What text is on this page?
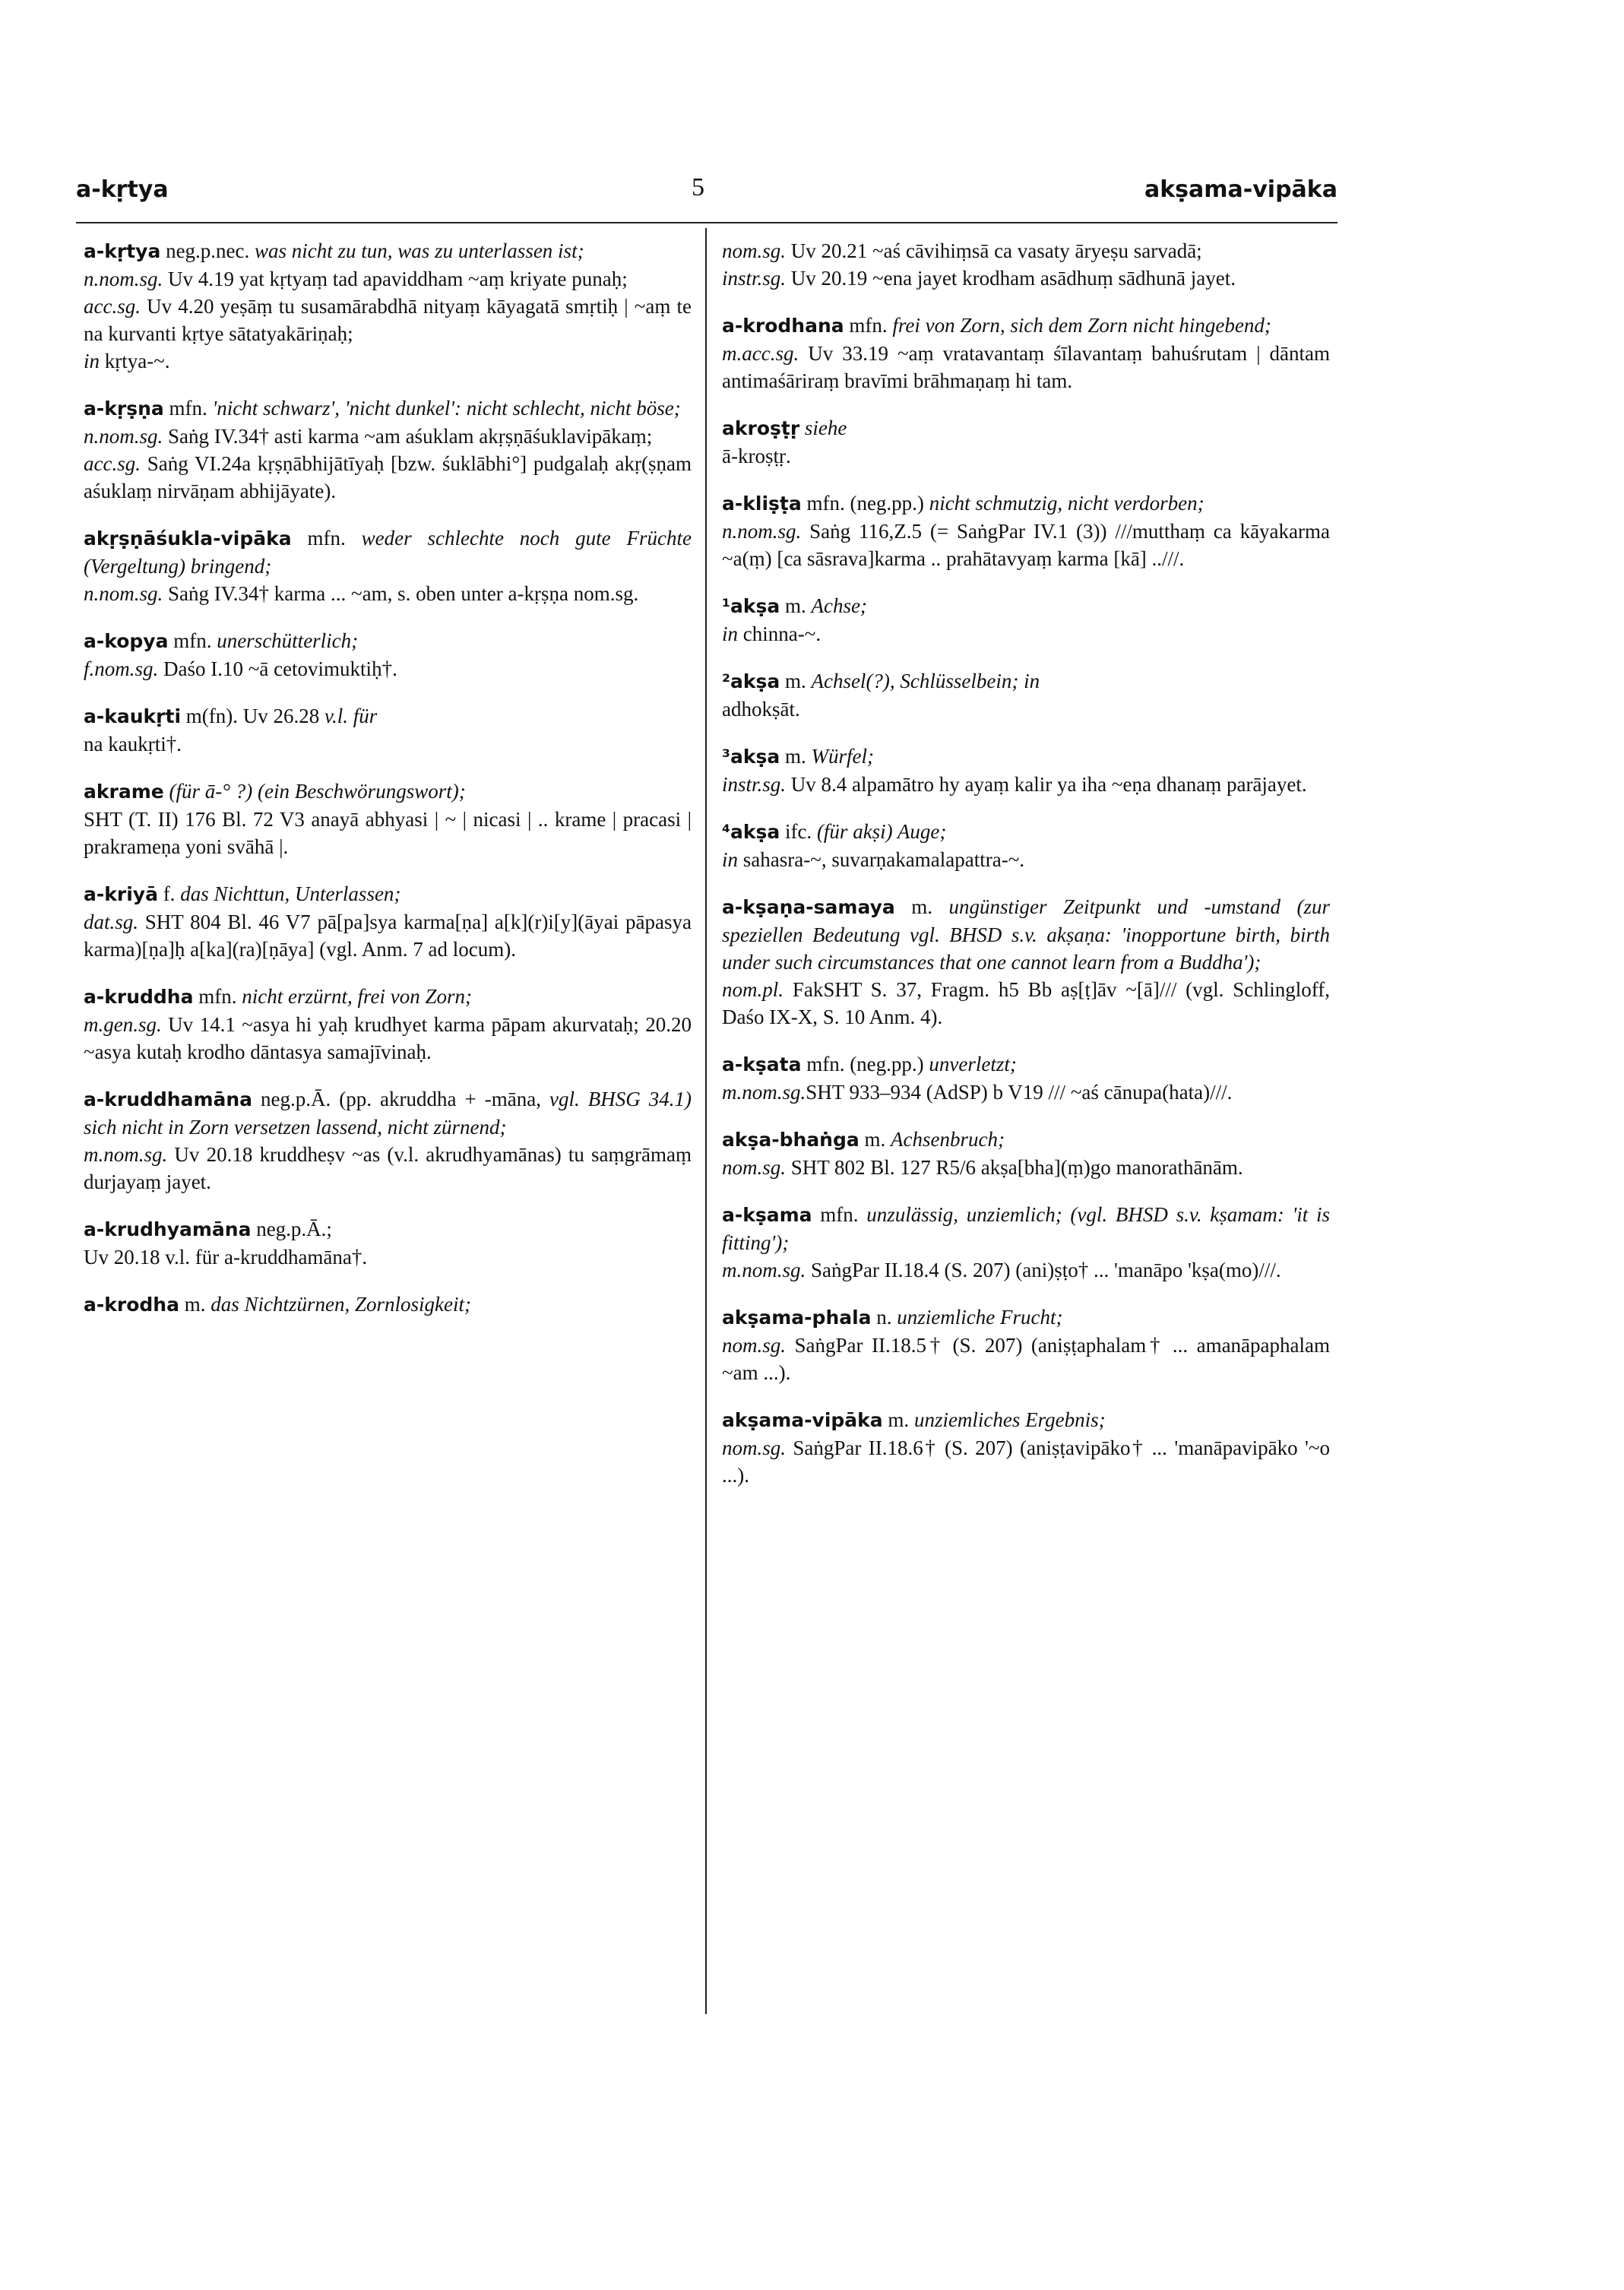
a-kṛtya	5	akṣama-vipāka
a-kṛtya neg.p.nec. was nicht zu tun, was zu unterlassen ist;
n.nom.sg. Uv 4.19 yat kṛtyaṃ tad apaviddham ~aṃ kriyate punaḥ;
acc.sg. Uv 4.20 yeṣāṃ tu susamārabdhā nityaṃ kāyagatā smṛtiḥ | ~aṃ te na kurvanti kṛtye sātatyakāriṇaḥ;
in kṛtya-~.
a-kṛṣṇa mfn. 'nicht schwarz', 'nicht dunkel': nicht schlecht, nicht böse;
n.nom.sg. Saṅg IV.34† asti karma ~am aśuklam akṛṣṇāśuklavipākaṃ;
acc.sg. Saṅg VI.24a kṛṣṇābhijātīyaḥ [bzw. śuklābhi°] pudgalaḥ akṛ(ṣṇam aśuklaṃ nirvāṇam abhijāyate).
akṛṣṇāśukla-vipāka mfn. weder schlechte noch gute Früchte (Vergeltung) bringend;
n.nom.sg. Saṅg IV.34† karma ... ~am, s. oben unter a-kṛṣṇa nom.sg.
a-kopya mfn. unerschütterlich;
f.nom.sg. Daśo I.10 ~ā cetovimuktiḥ†.
a-kaukṛti m(fn). Uv 26.28 v.l. für
na kaukṛti†.
akrame (für ā-° ?) (ein Beschwörungswort);
SHT (T. II) 176 Bl. 72 V3 anayā abhyasi | ~ | nicasi | .. krame | pracasi | prakrameṇa yoni svāhā |.
a-kriyā f. das Nichttun, Unterlassen;
dat.sg. SHT 804 Bl. 46 V7 pā[pa]sya karma[ṇa] a[k](r)i[y](āyai pāpasya karma)[ṇa]ḥ a[ka](ra)[ṇāya] (vgl. Anm. 7 ad locum).
a-kruddha mfn. nicht erzürnt, frei von Zorn;
m.gen.sg. Uv 14.1 ~asya hi yaḥ krudhyet karma pāpam akurvataḥ; 20.20 ~asya kutaḥ krodho dāntasya samajīvinaḥ.
a-kruddhamāna neg.p.Ā. (pp. akruddha + -māna, vgl. BHSG 34.1) sich nicht in Zorn versetzen lassend, nicht zürnend;
m.nom.sg. Uv 20.18 kruddheṣv ~as (v.l. akrudhyamānas) tu saṃgrāmaṃ durjayaṃ jayet.
a-krudhyamāna neg.p.Ā.;
Uv 20.18 v.l. für a-kruddhamāna†.
a-krodha m. das Nichtzürnen, Zornlosigkeit;
nom.sg. Uv 20.21 ~aś cāvihiṃsā ca vasaty āryeṣu sarvadā;
instr.sg. Uv 20.19 ~ena jayet krodham asādhuṃ sādhunā jayet.
a-krodhana mfn. frei von Zorn, sich dem Zorn nicht hingebend;
m.acc.sg. Uv 33.19 ~aṃ vratavantaṃ śīlavantaṃ bahuśrutam | dāntam antimaśāriraṃ bravīmi brāhmaṇaṃ hi tam.
akroṣṭṛ siehe
ā-kroṣṭṛ.
a-kliṣṭa mfn. (neg.pp.) nicht schmutzig, nicht verdorben;
n.nom.sg. Saṅg 116,Z.5 (= SaṅgPar IV.1 (3)) ///mutthaṃ ca kāyakarma ~a(ṃ) [ca sāsrava]karma .. prahātavyaṃ karma [kā] ..///.
¹akṣa m. Achse;
in chinna-~.
²akṣa m. Achsel(?), Schlüsselbein; in
adhokṣāt.
³akṣa m. Würfel;
instr.sg. Uv 8.4 alpamātro hy ayaṃ kalir ya iha ~eṇa dhanaṃ parājayet.
⁴akṣa ifc. (für akṣi) Auge;
in sahasra-~, suvarṇakamalapattra-~.
a-kṣaṇa-samaya m. ungünstiger Zeitpunkt und -umstand (zur speziellen Bedeutung vgl. BHSD s.v. akṣaṇa: 'inopportune birth, birth under such circumstances that one cannot learn from a Buddha');
nom.pl. FakSHT S. 37, Fragm. h5 Bb aṣ[ṭ]āv ~[ā]/// (vgl. Schlingloff, Daśo IX-X, S. 10 Anm. 4).
a-kṣata mfn. (neg.pp.) unverletzt;
m.nom.sg.SHT 933–934 (AdSP) b V19 /// ~aś cānupa(hata)///.
akṣa-bhaṅga m. Achsenbruch;
nom.sg. SHT 802 Bl. 127 R5/6 akṣa[bha](ṃ)go manorathānām.
a-kṣama mfn. unzulässig, unziemlich; (vgl. BHSD s.v. kṣamam: 'it is fitting');
m.nom.sg. SaṅgPar II.18.4 (S. 207) (ani)ṣṭo† ... 'manāpo 'kṣa(mo)///.
akṣama-phala n. unziemliche Frucht;
nom.sg. SaṅgPar II.18.5† (S. 207) (aniṣṭaphalam† ... amanāpaphalam ~am ...).
akṣama-vipāka m. unziemliches Ergebnis;
nom.sg. SaṅgPar II.18.6† (S. 207) (aniṣṭavipāko† ... 'manāpavipāko '~o ...).
